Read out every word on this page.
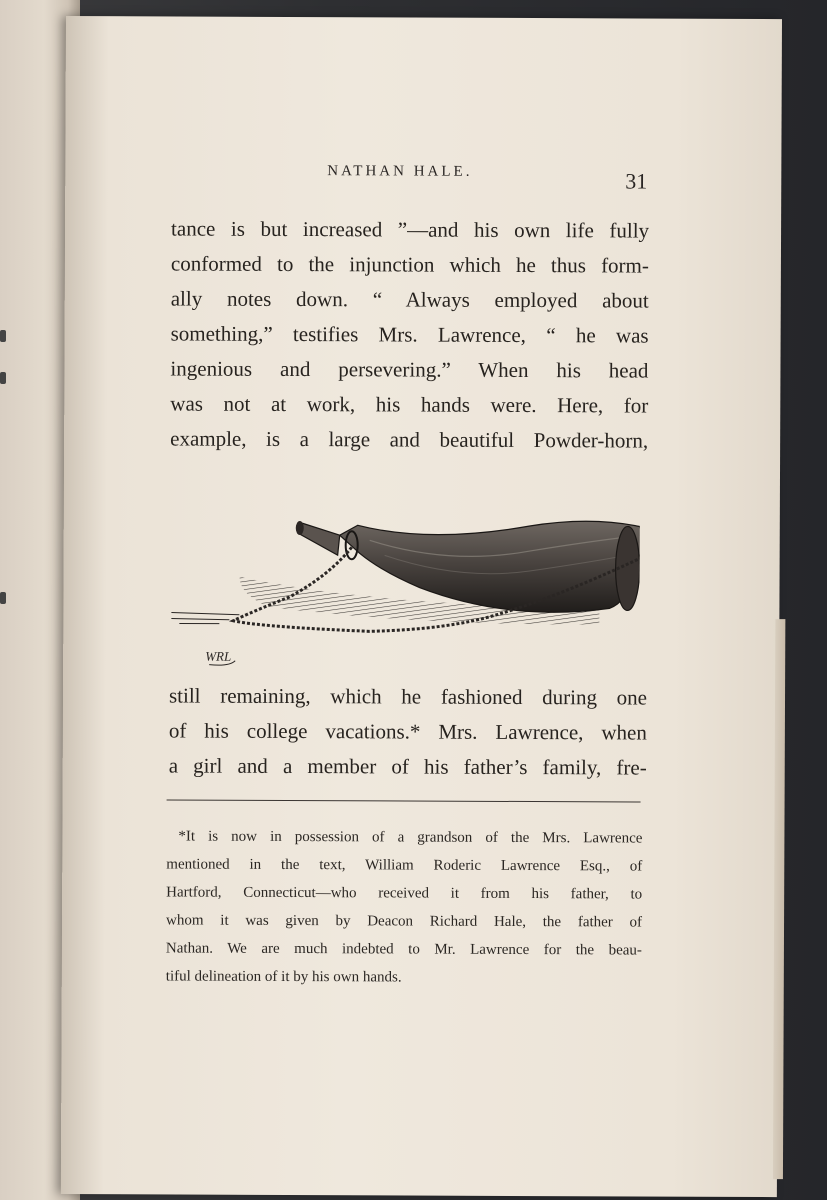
NATHAN HALE.	31
tance is but increased ”—and his own life fully
conformed to the injunction which he thus form-
ally notes down. “ Always employed about
something,” testifies Mrs. Lawrence, “ he was
ingenious and persevering.” When his head
was not at work, his hands were. Here, for
example, is a large and beautiful Powder-horn,
WRL
still remaining, which he fashioned during one
of his college vacations.* Mrs. Lawrence, when
a girl and a member of his father’s family, fre-
*It is now in possession of a grandson of the Mrs. Lawrence
mentioned in the text, William Roderic Lawrence Esq., of
Hartford, Connecticut—who received it from his father, to
whom it was given by Deacon Richard Hale, the father of
Nathan. We are much indebted to Mr. Lawrence for the beau-
tiful delineation of it by his own hands.
